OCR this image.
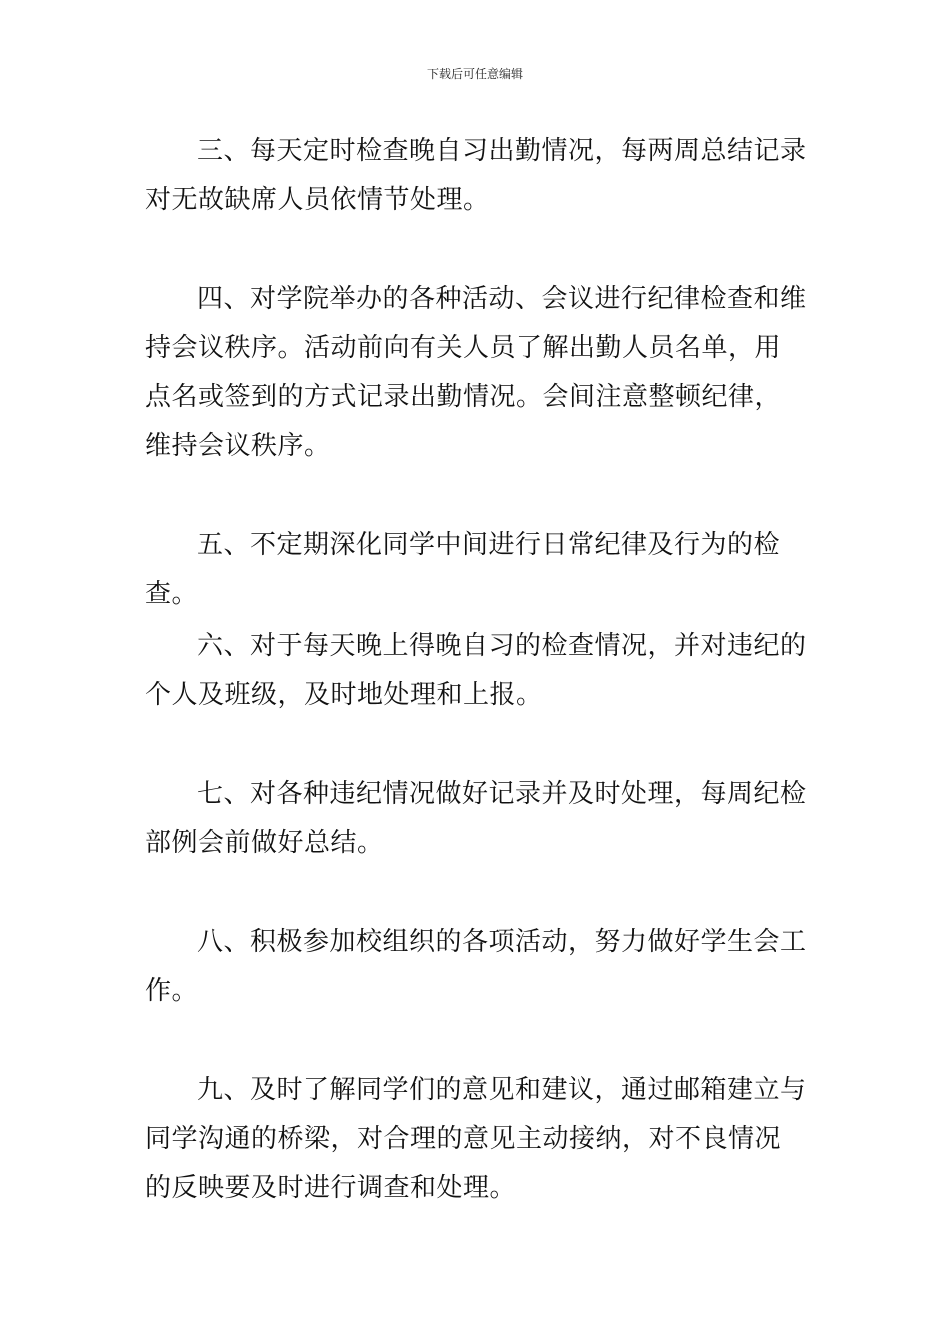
下载后可任意编辑

三、每天定时检查晚自习出勤情况，每两周总结记录对无故缺席人员依情节处理。

四、对学院举办的各种活动、会议进行纪律检查和维持会议秩序。活动前向有关人员了解出勤人员名单，用点名或签到的方式记录出勤情况。会间注意整顿纪律，维持会议秩序。

五、不定期深化同学中间进行日常纪律及行为的检查。

六、对于每天晚上得晚自习的检查情况，并对违纪的个人及班级，及时地处理和上报。

七、对各种违纪情况做好记录并及时处理，每周纪检部例会前做好总结。

八、积极参加校组织的各项活动，努力做好学生会工作。

九、及时了解同学们的意见和建议，通过邮箱建立与同学沟通的桥梁，对合理的意见主动接纳，对不良情况的反映要及时进行调查和处理。
